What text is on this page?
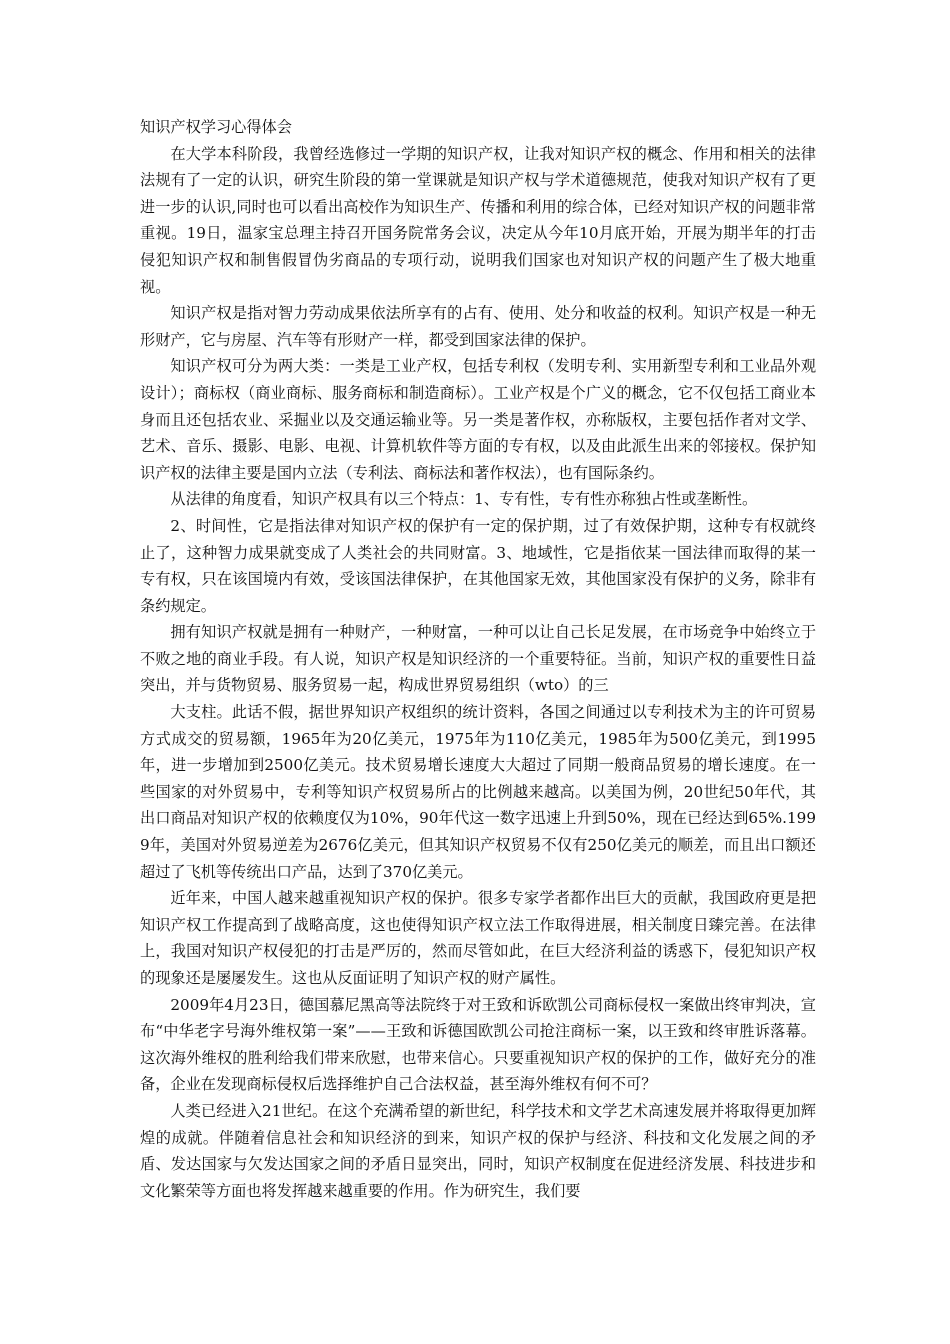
知识产权学习心得体会

在大学本科阶段，我曾经选修过一学期的知识产权，让我对知识产权的概念、作用和相关的法律法规有了一定的认识，研究生阶段的第一堂课就是知识产权与学术道德规范，使我对知识产权有了更进一步的认识,同时也可以看出高校作为知识生产、传播和利用的综合体，已经对知识产权的问题非常重视。19日，温家宝总理主持召开国务院常务会议，决定从今年10月底开始，开展为期半年的打击侵犯知识产权和制售假冒伪劣商品的专项行动，说明我们国家也对知识产权的问题产生了极大地重视。

知识产权是指对智力劳动成果依法所享有的占有、使用、处分和收益的权利。知识产权是一种无形财产，它与房屋、汽车等有形财产一样，都受到国家法律的保护。

知识产权可分为两大类：一类是工业产权，包括专利权（发明专利、实用新型专利和工业品外观设计）；商标权（商业商标、服务商标和制造商标）。工业产权是个广义的概念，它不仅包括工商业本身而且还包括农业、采掘业以及交通运输业等。另一类是著作权，亦称版权，主要包括作者对文学、艺术、音乐、摄影、电影、电视、计算机软件等方面的专有权，以及由此派生出来的邻接权。保护知识产权的法律主要是国内立法（专利法、商标法和著作权法），也有国际条约。

从法律的角度看，知识产权具有以三个特点：1、专有性，专有性亦称独占性或垄断性。

2、时间性，它是指法律对知识产权的保护有一定的保护期，过了有效保护期，这种专有权就终止了，这种智力成果就变成了人类社会的共同财富。3、地域性，它是指依某一国法律而取得的某一专有权，只在该国境内有效，受该国法律保护，在其他国家无效，其他国家没有保护的义务，除非有条约规定。

拥有知识产权就是拥有一种财产，一种财富，一种可以让自己长足发展，在市场竞争中始终立于不败之地的商业手段。有人说，知识产权是知识经济的一个重要特征。当前，知识产权的重要性日益突出，并与货物贸易、服务贸易一起，构成世界贸易组织（wto）的三

大支柱。此话不假，据世界知识产权组织的统计资料，各国之间通过以专利技术为主的许可贸易方式成交的贸易额，1965年为20亿美元，1975年为110亿美元，1985年为500亿美元，到1995年，进一步增加到2500亿美元。技术贸易增长速度大大超过了同期一般商品贸易的增长速度。在一些国家的对外贸易中，专利等知识产权贸易所占的比例越来越高。以美国为例，20世纪50年代，其出口商品对知识产权的依赖度仅为10%，90年代这一数字迅速上升到50%，现在已经达到65%.1999年，美国对外贸易逆差为2676亿美元，但其知识产权贸易不仅有250亿美元的顺差，而且出口额还超过了飞机等传统出口产品，达到了370亿美元。

近年来，中国人越来越重视知识产权的保护。很多专家学者都作出巨大的贡献，我国政府更是把知识产权工作提高到了战略高度，这也使得知识产权立法工作取得进展，相关制度日臻完善。在法律上，我国对知识产权侵犯的打击是严厉的，然而尽管如此，在巨大经济利益的诱惑下，侵犯知识产权的现象还是屡屡发生。这也从反面证明了知识产权的财产属性。

2009年4月23日，德国慕尼黑高等法院终于对王致和诉欧凯公司商标侵权一案做出终审判决，宣布“中华老字号海外维权第一案”——王致和诉德国欧凯公司抢注商标一案，以王致和终审胜诉落幕。这次海外维权的胜利给我们带来欣慰，也带来信心。只要重视知识产权的保护的工作，做好充分的准备，企业在发现商标侵权后选择维护自己合法权益，甚至海外维权有何不可？

人类已经进入21世纪。在这个充满希望的新世纪，科学技术和文学艺术高速发展并将取得更加辉煌的成就。伴随着信息社会和知识经济的到来，知识产权的保护与经济、科技和文化发展之间的矛盾、发达国家与欠发达国家之间的矛盾日显突出，同时，知识产权制度在促进经济发展、科技进步和文化繁荣等方面也将发挥越来越重要的作用。作为研究生，我们要
